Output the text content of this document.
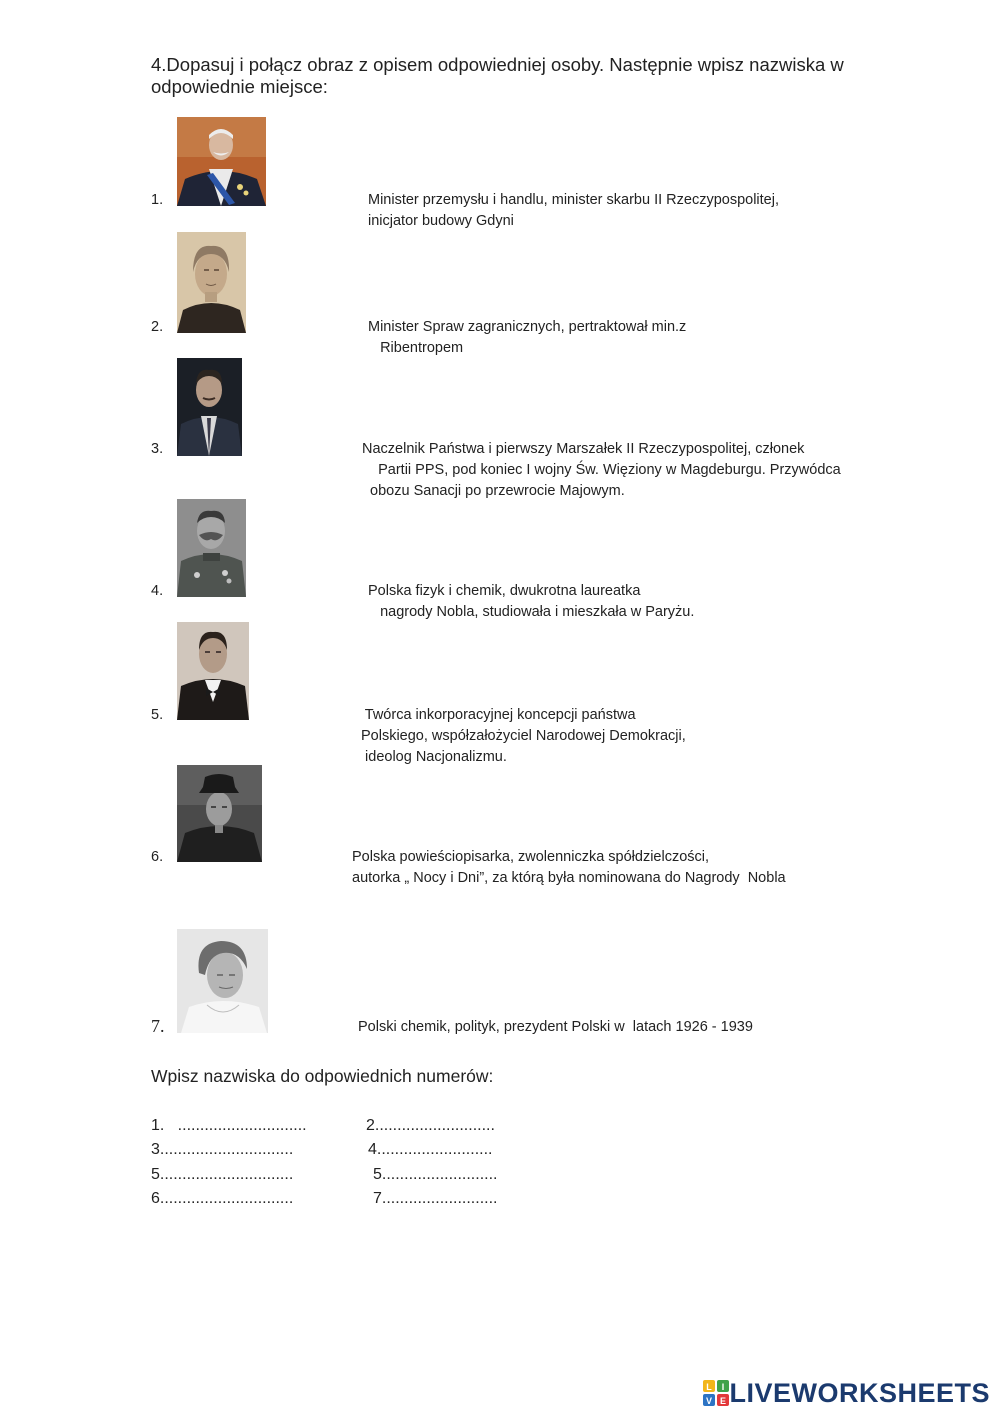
4.Dopasuj i połącz obraz z opisem odpowiedniej osoby. Następnie wpisz nazwiska w odpowiednie miejsce:
1.	Minister przemysłu i handlu, minister skarbu II Rzeczypospolitej,
inicjator budowy Gdyni
2.	Minister Spraw zagranicznych, pertraktował min.z
Ribentropem
3.	Naczelnik Państwa i pierwszy Marszałek II Rzeczypospolitej, członek
Partii PPS, pod koniec I wojny Św. Więziony w Magdeburgu. Przywódca
obozu Sanacji po przewrocie Majowym.
4.	Polska fizyk i chemik, dwukrotna laureatka
nagrody Nobla, studiowała i mieszkała w Paryżu.
5.	Twórca inkorporacyjnej koncepcji państwa
Polskiego, współzałożyciel Narodowej Demokracji,
ideolog Nacjonalizmu.
6.	Polska powieściopisarka, zwolenniczka spółdzielczości,
autorka „ Nocy i Dni”, za którą była nominowana do Nagrody  Nobla
7.	Polski chemik, polityk, prezydent Polski w  latach 1926 - 1939
Wpisz nazwiska do odpowiednich numerów:
1.   .............................	2...........................
3..............................	4..........................
5..............................	5..........................
6..............................	7..........................
L I
V E LIVEWORKSHEETS
